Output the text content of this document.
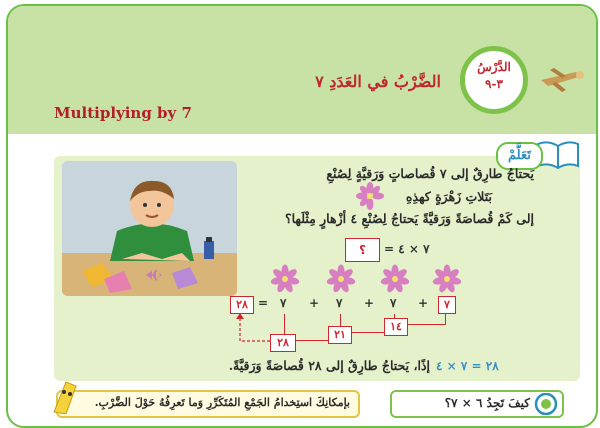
الدَّرْسُ
٣-٩
الضَّرْبُ في العَدَدِ ٧
Multiplying by 7
تَعَلَّمْ
يَحتاجُ طارِقٌ إلى ٧ قُصاصاتٍ وَرَقيَّةٍ لِصُنْعِ
بَتَلاتِ زَهْرَةٍ كهذِهِ
إلى كَمْ قُصاصَةً وَرَقيَّةً يَحتاجُ لِصُنْعِ ٤ أزْهارٍ مِثْلَها؟
؟	= ٧ × ٤
٢٨ = ٧ + ٧ + ٧ +	٧
١٤
٢١
٢٨
إذًا، يَحتاجُ طارِقٌ إلى ٢٨ قُصاصَةً وَرَقيَّةً. ٢٨ = ٧ × ٤
بإمكانِكَ استِخدامُ الجَمْعِ المُتَكَرِّرِ وَما تَعرِفُهُ حَوْلَ الضَّرْبِ.	كيفَ تَجِدُ ٦ × ٧؟
